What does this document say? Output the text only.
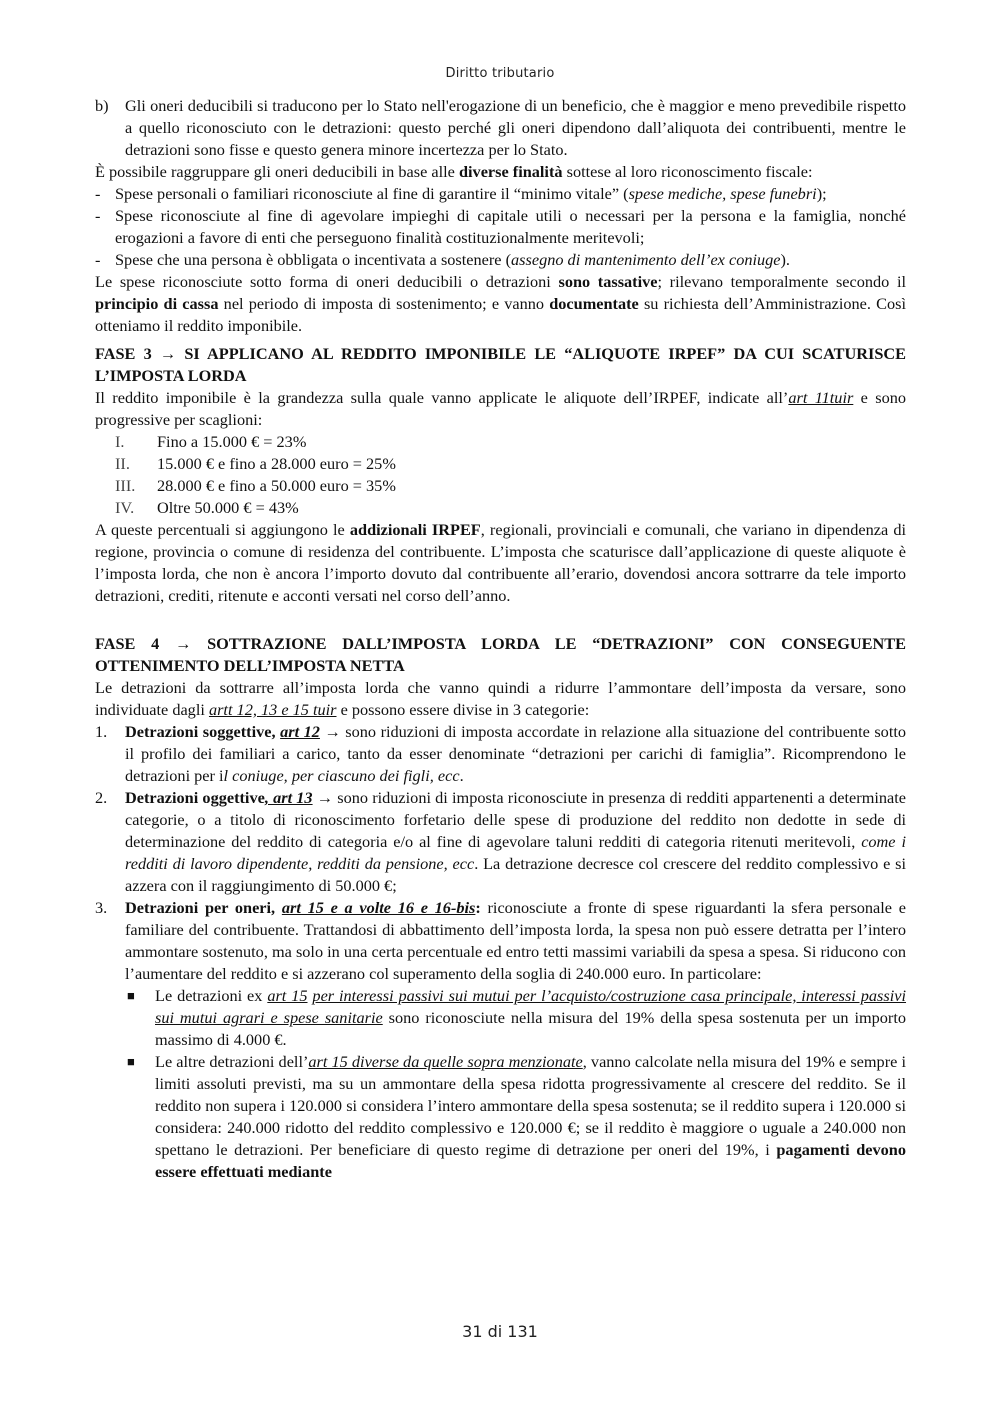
Diritto tributario
b)	Gli oneri deducibili si traducono per lo Stato nell'erogazione di un beneficio, che è maggior e meno prevedibile rispetto a quello riconosciuto con le detrazioni: questo perché gli oneri dipendono dall’aliquota dei contribuenti, mentre le detrazioni sono fisse e questo genera minore incertezza per lo Stato.

È possibile raggruppare gli oneri deducibili in base alle diverse finalità sottese al loro riconoscimento fiscale:

- Spese personali o familiari riconosciute al fine di garantire il “minimo vitale” (spese mediche, spese funebri);
- Spese riconosciute al fine di agevolare impieghi di capitale utili o necessari per la persona e la famiglia, nonché erogazioni a favore di enti che perseguono finalità costituzionalmente meritevoli;
- Spese che una persona è obbligata o incentivata a sostenere (assegno di mantenimento dell’ex coniuge).

Le spese riconosciute sotto forma di oneri deducibili o detrazioni sono tassative; rilevano temporalmente secondo il principio di cassa nel periodo di imposta di sostenimento; e vanno documentate su richiesta dell’Amministrazione. Così otteniamo il reddito imponibile.

FASE 3 → SI APPLICANO AL REDDITO IMPONIBILE LE “ALIQUOTE IRPEF” DA CUI SCATURISCE L’IMPOSTA LORDA

Il reddito imponibile è la grandezza sulla quale vanno applicate le aliquote dell’IRPEF, indicate all’art 11tuir e sono progressive per scaglioni:

I.	Fino a 15.000 € = 23%
II.	15.000 € e fino a 28.000 euro = 25%
III.	28.000 € e fino a 50.000 euro = 35%
IV.	Oltre 50.000 € = 43%

A queste percentuali si aggiungono le addizionali IRPEF, regionali, provinciali e comunali, che variano in dipendenza di regione, provincia o comune di residenza del contribuente. L’imposta che scaturisce dall’applicazione di queste aliquote è l’imposta lorda, che non è ancora l’importo dovuto dal contribuente all’erario, dovendosi ancora sottrarre da tele importo detrazioni, crediti, ritenute e acconti versati nel corso dell’anno.

FASE 4 → SOTTRAZIONE DALL’IMPOSTA LORDA LE “DETRAZIONI” CON CONSEGUENTE OTTENIMENTO DELL’IMPOSTA NETTA

Le detrazioni da sottrarre all’imposta lorda che vanno quindi a ridurre l’ammontare dell’imposta da versare, sono individuate dagli artt 12, 13 e 15 tuir e possono essere divise in 3 categorie:

1.	Detrazioni soggettive, art 12 → sono riduzioni di imposta accordate in relazione alla situazione del contribuente sotto il profilo dei familiari a carico, tanto da esser denominate “detrazioni per carichi di famiglia”. Ricomprendono le detrazioni per il coniuge, per ciascuno dei figli, ecc.
2.	Detrazioni oggettive, art 13 → sono riduzioni di imposta riconosciute in presenza di redditi appartenenti a determinate categorie, o a titolo di riconoscimento forfetario delle spese di produzione del reddito non dedotte in sede di determinazione del reddito di categoria e/o al fine di agevolare taluni redditi di categoria ritenuti meritevoli, come i redditi di lavoro dipendente, redditi da pensione, ecc. La detrazione decresce col crescere del reddito complessivo e si azzera con il raggiungimento di 50.000 €;
3.	Detrazioni per oneri, art 15 e a volte 16 e 16-bis: riconosciute a fronte di spese riguardanti la sfera personale e familiare del contribuente. Trattandosi di abbattimento dell’imposta lorda, la spesa non può essere detratta per l’intero ammontare sostenuto, ma solo in una certa percentuale ed entro tetti massimi variabili da spesa a spesa. Si riducono con l’aumentare del reddito e si azzerano col superamento della soglia di 240.000 euro. In particolare:
■	Le detrazioni ex art 15 per interessi passivi sui mutui per l’acquisto/costruzione casa principale, interessi passivi sui mutui agrari e spese sanitarie sono riconosciute nella misura del 19% della spesa sostenuta per un importo massimo di 4.000 €.
■	Le altre detrazioni dell’art 15 diverse da quelle sopra menzionate, vanno calcolate nella misura del 19% e sempre i limiti assoluti previsti, ma su un ammontare della spesa ridotta progressivamente al crescere del reddito. Se il reddito non supera i 120.000 si considera l’intero ammontare della spesa sostenuta; se il reddito supera i 120.000 si considera: 240.000 ridotto del reddito complessivo e 120.000 €; se il reddito è maggiore o uguale a 240.000 non spettano le detrazioni. Per beneficiare di questo regime di detrazione per oneri del 19%, i pagamenti devono essere effettuati mediante
31 di 131
